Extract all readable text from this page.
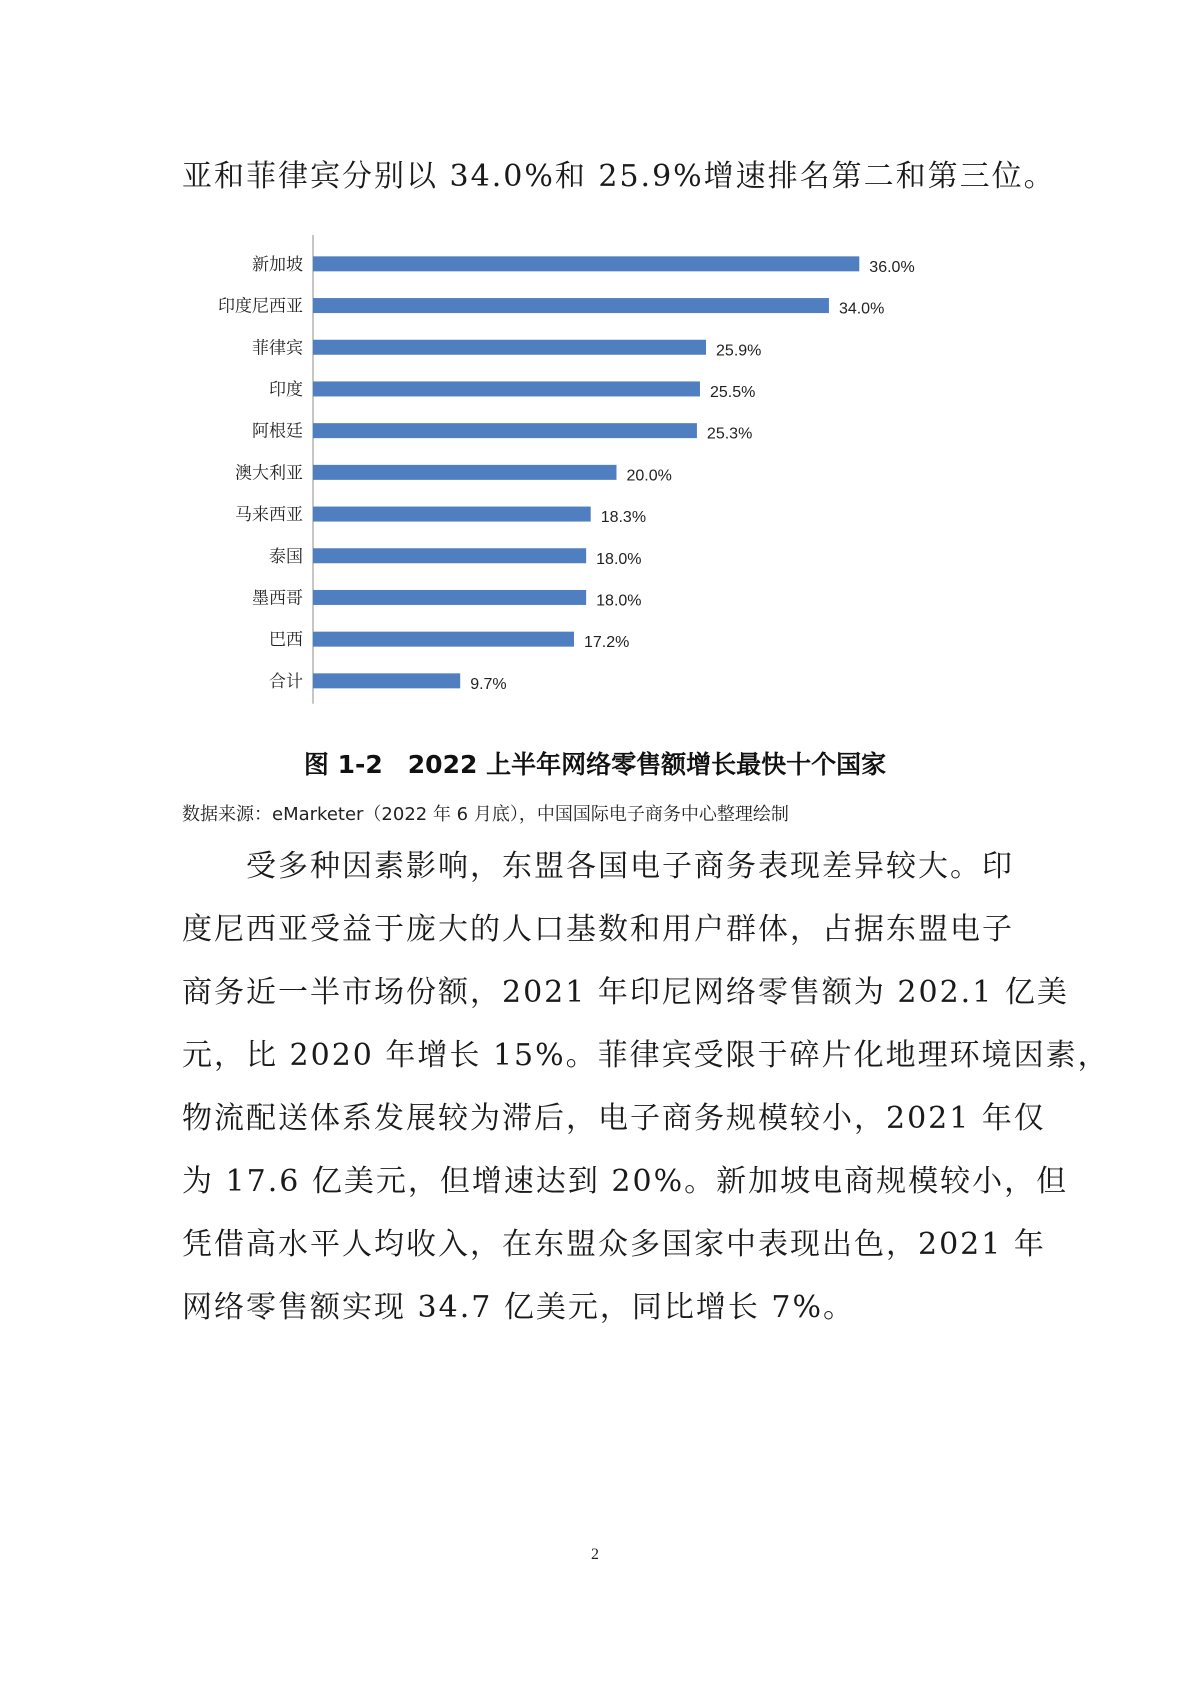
亚和菲律宾分别以 34.0%和 25.9%增速排名第二和第三位。
新加坡	36.0%
印度尼西亚	34.0%
菲律宾	25.9%
印度	25.5%
阿根廷	25.3%
澳大利亚	20.0%
马来西亚	18.3%
泰国	18.0%
墨西哥	18.0%
巴西	17.2%
合计	9.7%
图 1-2　2022 上半年网络零售额增长最快十个国家
数据来源：eMarketer（2022 年 6 月底），中国国际电子商务中心整理绘制
　　受多种因素影响，东盟各国电子商务表现差异较大。印
度尼西亚受益于庞大的人口基数和用户群体，占据东盟电子
商务近一半市场份额，2021 年印尼网络零售额为 202.1 亿美
元，比 2020 年增长 15%。菲律宾受限于碎片化地理环境因素，
物流配送体系发展较为滞后，电子商务规模较小，2021 年仅
为 17.6 亿美元，但增速达到 20%。新加坡电商规模较小，但
凭借高水平人均收入，在东盟众多国家中表现出色，2021 年
网络零售额实现 34.7 亿美元，同比增长 7%。
2
